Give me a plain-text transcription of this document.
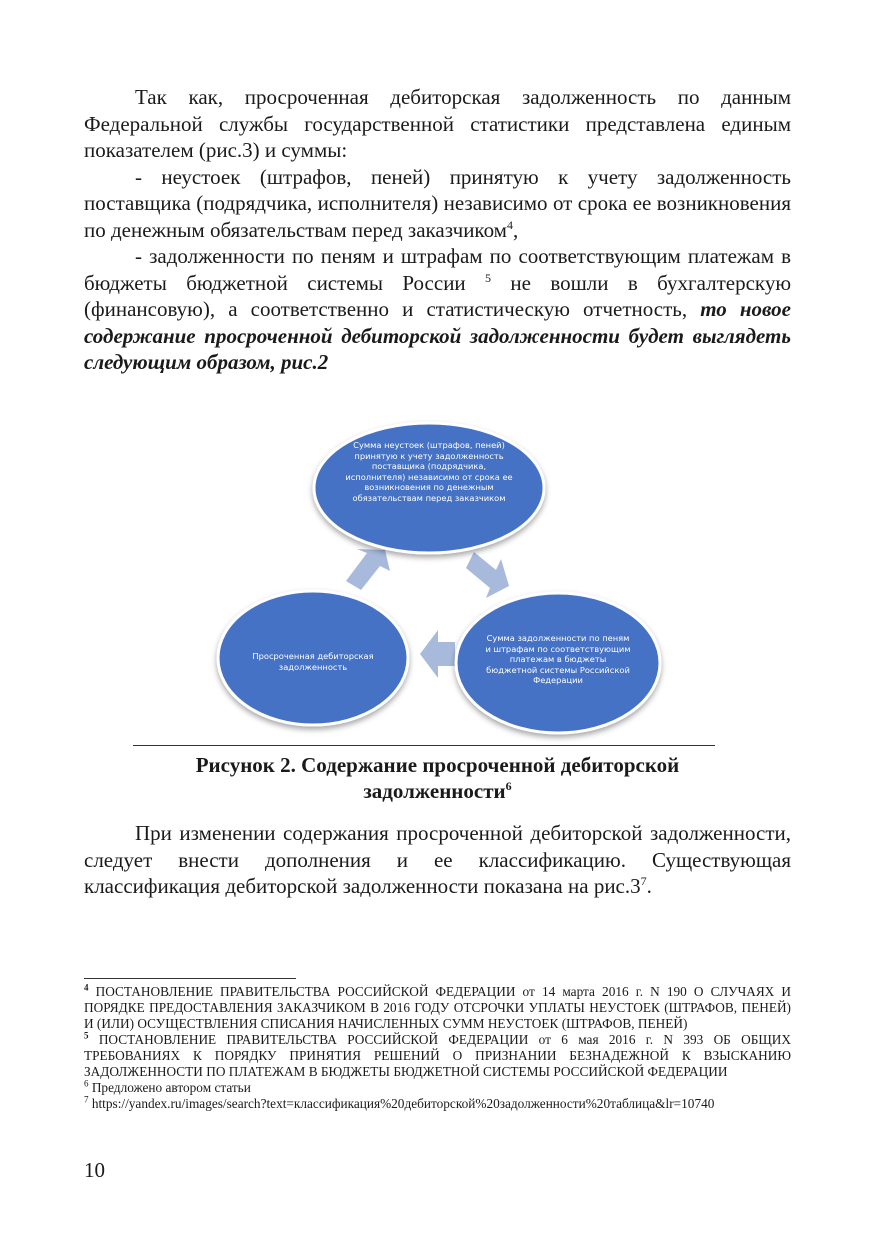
Так как, просроченная дебиторская задолженность по данным Федеральной службы государственной статистики представлена единым показателем (рис.3) и суммы:

- неустоек (штрафов, пеней) принятую к учету задолженность поставщика (подрядчика, исполнителя) независимо от срока ее возникновения по денежным обязательствам перед заказчиком$^4$,

- задолженности по пеням и штрафам по соответствующим платежам в бюджеты бюджетной системы России $^5$ не вошли в бухгалтерскую (финансовую), а соответственно и статистическую отчетность, то новое содержание просроченной дебиторской задолженности будет выглядеть следующим образом, рис.2

Сумма неустоек (штрафов, пеней) принятую к учету задолженность поставщика (подрядчика, исполнителя) независимо от срока ее возникновения по денежным обязательствам перед заказчиком
Просроченная дебиторская задолженность
Сумма задолженности по пеням и штрафам по соответствующим платежам в бюджеты бюджетной системы Российской Федерации
Рисунок 2. Содержание просроченной дебиторской
задолженности$^6$

При изменении содержания просроченной дебиторской задолженности, следует внести дополнения и ее классификацию. Существующая классификация дебиторской задолженности показана на $рис.3^7$.

$^4$ ПОСТАНОВЛЕНИЕ ПРАВИТЕЛЬСТВА РОССИЙСКОЙ ФЕДЕРАЦИИ от 14 марта 2016 г. N 190 О СЛУЧАЯХ И ПОРЯДКЕ ПРЕДОСТАВЛЕНИЯ ЗАКАЗЧИКОМ В 2016 ГОДУ ОТСРОЧКИ УПЛАТЫ НЕУСТОЕК (ШТРАФОВ, ПЕНЕЙ) И (ИЛИ) ОСУЩЕСТВЛЕНИЯ СПИСАНИЯ НАЧИСЛЕННЫХ СУММ НЕУСТОЕК (ШТРАФОВ, ПЕНЕЙ)

$^5$ ПОСТАНОВЛЕНИЕ ПРАВИТЕЛЬСТВА РОССИЙСКОЙ ФЕДЕРАЦИИ от 6 мая 2016 г. N 393 ОБ ОБЩИХ ТРЕБОВАНИЯХ К ПОРЯДКУ ПРИНЯТИЯ РЕШЕНИЙ О ПРИЗНАНИИ БЕЗНАДЕЖНОЙ К ВЗЫСКАНИЮ ЗАДОЛЖЕННОСТИ ПО ПЛАТЕЖАМ В БЮДЖЕТЫ БЮДЖЕТНОЙ СИСТЕМЫ РОССИЙСКОЙ ФЕДЕРАЦИИ

$^6$ Предложено автором статьи

$^7$ https://yandex.ru/images/search?text=классификация%20дебиторской%20задолженности%20таблица&lr=10740

10
